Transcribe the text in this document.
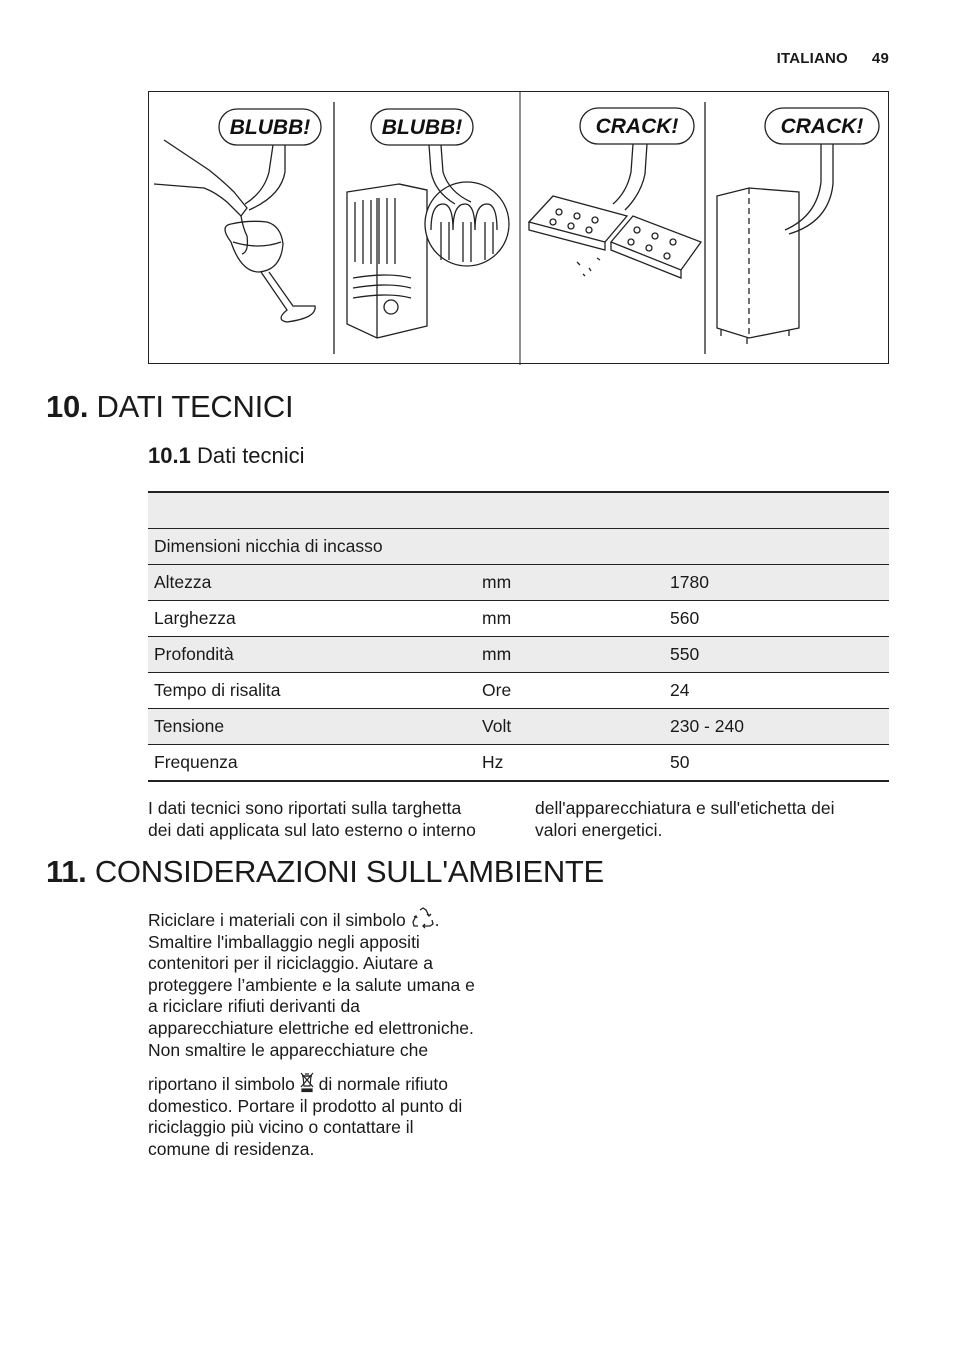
ITALIANO 49
BLUBB!	BLUBB!	CRACK!	CRACK!
10. DATI TECNICI
10.1 Dati tecnici

Dimensioni nicchia di incasso		
Altezza	mm	1780
Larghezza	mm	560
Profondità	mm	550
Tempo di risalita	Ore	24
Tensione	Volt	230 - 240
Frequenza	Hz	50
I dati tecnici sono riportati sulla targhetta
dei dati applicata sul lato esterno o interno
dell'apparecchiatura e sull'etichetta dei
valori energetici.
11. CONSIDERAZIONI SULL'AMBIENTE
Riciclare i materiali con il simbolo .
Smaltire l'imballaggio negli appositi
contenitori per il riciclaggio. Aiutare a
proteggere l’ambiente e la salute umana e
a riciclare rifiuti derivanti da
apparecchiature elettriche ed elettroniche.
Non smaltire le apparecchiature che
riportano il simbolo di normale rifiuto
domestico. Portare il prodotto al punto di
riciclaggio più vicino o contattare il
comune di residenza.
